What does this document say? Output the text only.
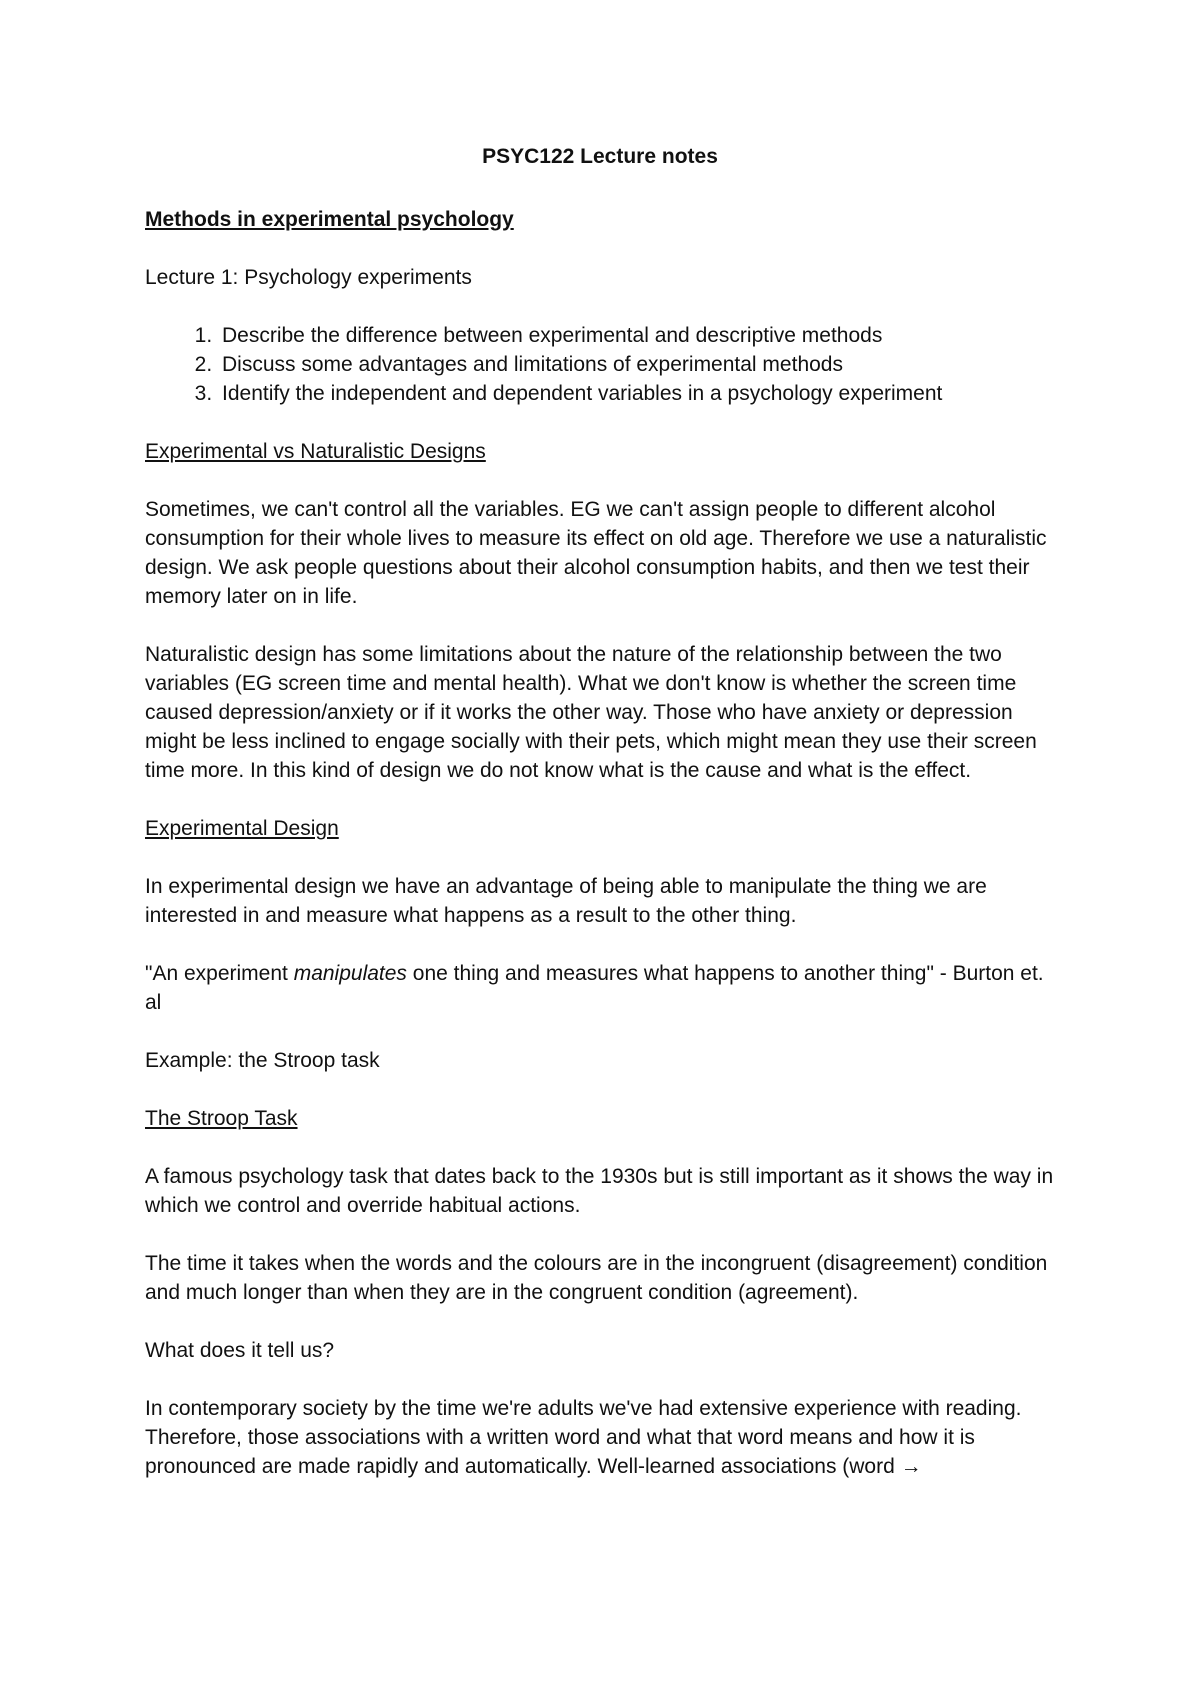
PSYC122 Lecture notes
Methods in experimental psychology

Lecture 1: Psychology experiments

1. Describe the difference between experimental and descriptive methods
2. Discuss some advantages and limitations of experimental methods
3. Identify the independent and dependent variables in a psychology experiment
Experimental vs Naturalistic Designs

Sometimes, we can't control all the variables. EG we can't assign people to different alcohol consumption for their whole lives to measure its effect on old age. Therefore we use a naturalistic design. We ask people questions about their alcohol consumption habits, and then we test their memory later on in life.

Naturalistic design has some limitations about the nature of the relationship between the two variables (EG screen time and mental health). What we don't know is whether the screen time caused depression/anxiety or if it works the other way. Those who have anxiety or depression might be less inclined to engage socially with their pets, which might mean they use their screen time more. In this kind of design we do not know what is the cause and what is the effect.

Experimental Design

In experimental design we have an advantage of being able to manipulate the thing we are interested in and measure what happens as a result to the other thing.

"An experiment manipulates one thing and measures what happens to another thing" - Burton et. al

Example: the Stroop task

The Stroop Task

A famous psychology task that dates back to the 1930s but is still important as it shows the way in which we control and override habitual actions.

The time it takes when the words and the colours are in the incongruent (disagreement) condition and much longer than when they are in the congruent condition (agreement).

What does it tell us?

In contemporary society by the time we're adults we've had extensive experience with reading. Therefore, those associations with a written word and what that word means and how it is pronounced are made rapidly and automatically. Well-learned associations (word →
